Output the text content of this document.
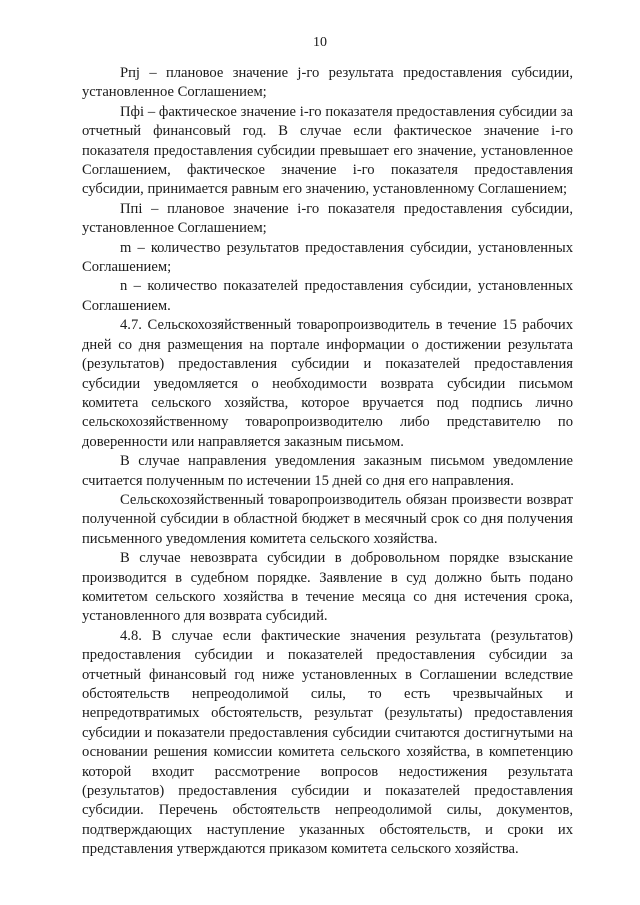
10

Рпj – плановое значение j-го результата предоставления субсидии, установленное Соглашением;

Пфi – фактическое значение i-го показателя предоставления субсидии за отчетный финансовый год. В случае если фактическое значение i-го показателя предоставления субсидии превышает его значение, установленное Соглашением, фактическое значение i-го показателя предоставления субсидии, принимается равным его значению, установленному Соглашением;

Ппi – плановое значение i-го показателя предоставления субсидии, установленное Соглашением;

m – количество результатов предоставления субсидии, установленных Соглашением;

n – количество показателей предоставления субсидии, установленных Соглашением.

4.7. Сельскохозяйственный товаропроизводитель в течение 15 рабочих дней со дня размещения на портале информации о достижении результата (результатов) предоставления субсидии и показателей предоставления субсидии уведомляется о необходимости возврата субсидии письмом комитета сельского хозяйства, которое вручается под подпись лично сельскохозяйственному товаропроизводителю либо представителю по доверенности или направляется заказным письмом.

В случае направления уведомления заказным письмом уведомление считается полученным по истечении 15 дней со дня его направления.

Сельскохозяйственный товаропроизводитель обязан произвести возврат полученной субсидии в областной бюджет в месячный срок со дня получения письменного уведомления комитета сельского хозяйства.

В случае невозврата субсидии в добровольном порядке взыскание производится в судебном порядке. Заявление в суд должно быть подано комитетом сельского хозяйства в течение месяца со дня истечения срока, установленного для возврата субсидий.

4.8. В случае если фактические значения результата (результатов) предоставления субсидии и показателей предоставления субсидии за отчетный финансовый год ниже установленных в Соглашении вследствие обстоятельств непреодолимой силы, то есть чрезвычайных и непредотвратимых обстоятельств, результат (результаты) предоставления субсидии и показатели предоставления субсидии считаются достигнутыми на основании решения комиссии комитета сельского хозяйства, в компетенцию которой входит рассмотрение вопросов недостижения результата (результатов) предоставления субсидии и показателей предоставления субсидии. Перечень обстоятельств непреодолимой силы, документов, подтверждающих наступление указанных обстоятельств, и сроки их представления утверждаются приказом комитета сельского хозяйства.
